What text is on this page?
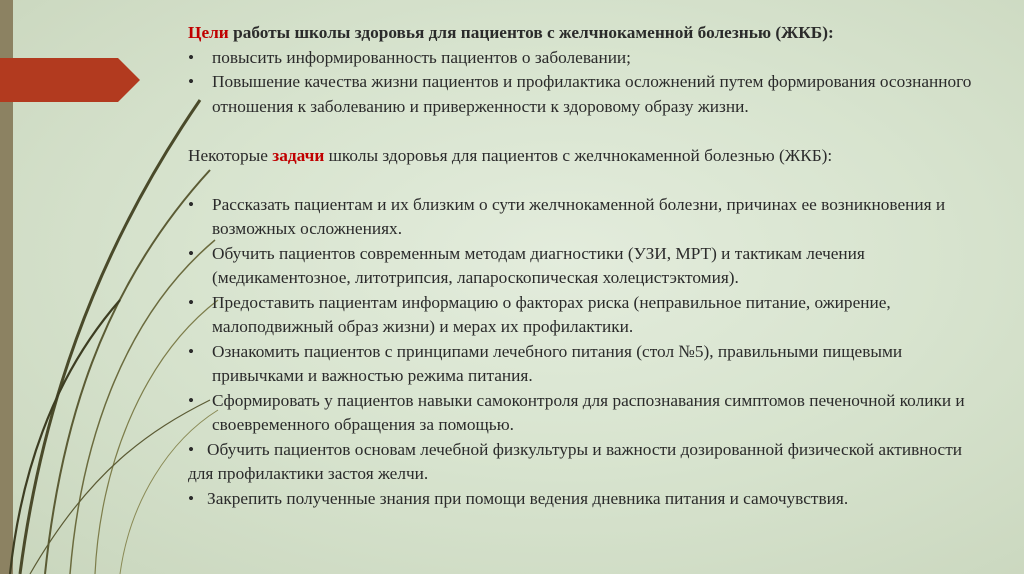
Цели работы школы здоровья для пациентов с желчнокаменной болезнью (ЖКБ):
•	повысить информированность пациентов о заболевании;
•	Повышение качества жизни пациентов и профилактика осложнений путем формирования осознанного отношения к заболеванию и приверженности к здоровому образу жизни.
Некоторые задачи школы здоровья для пациентов с желчнокаменной болезнью (ЖКБ):
•	Рассказать пациентам и их близким о сути желчнокаменной болезни, причинах ее возникновения и возможных осложнениях.
•	Обучить пациентов современным методам диагностики (УЗИ, МРТ) и тактикам лечения (медикаментозное, литотрипсия, лапароскопическая холецистэктомия).
•	Предоставить пациентам информацию о факторах риска (неправильное питание, ожирение, малоподвижный образ жизни) и мерах их профилактики.
•	Ознакомить пациентов с принципами лечебного питания (стол №5), правильными пищевыми привычками и важностью режима питания.
•	Сформировать у пациентов навыки самоконтроля для распознавания симптомов печеночной колики и своевременного обращения за помощью.
• Обучить пациентов основам лечебной физкультуры и важности дозированной физической активности для профилактики застоя желчи.
• Закрепить полученные знания при помощи ведения дневника питания и самочувствия.
